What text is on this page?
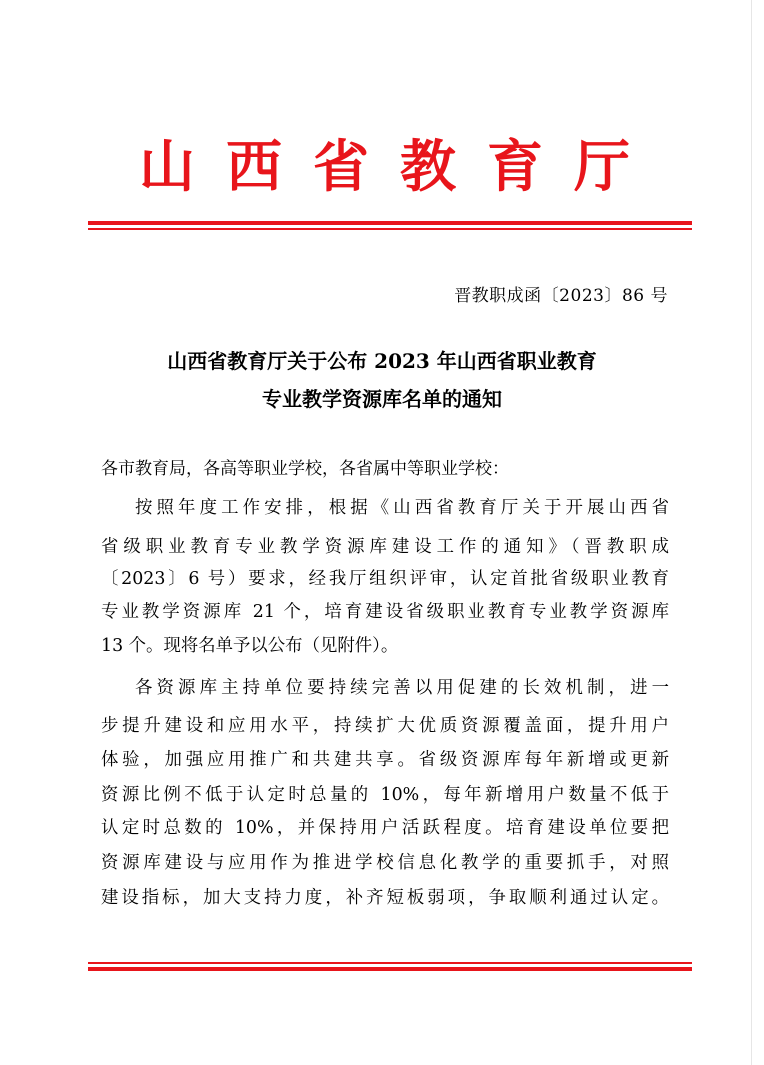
山 西 省 教 育 厅
晋教职成函〔2023〕86 号
山西省教育厅关于公布 2023 年山西省职业教育
专业教学资源库名单的通知
各市教育局，各高等职业学校，各省属中等职业学校：
按照年度工作安排，根据《山西省教育厅关于开展山西省
省级职业教育专业教学资源库建设工作的通知》（晋教职成
〔2023〕6 号）要求，经我厅组织评审，认定首批省级职业教育
专业教学资源库 21 个，培育建设省级职业教育专业教学资源库
13 个。现将名单予以公布（见附件）。
各资源库主持单位要持续完善以用促建的长效机制，进一
步提升建设和应用水平，持续扩大优质资源覆盖面，提升用户
体验，加强应用推广和共建共享。省级资源库每年新增或更新
资源比例不低于认定时总量的 10%，每年新增用户数量不低于
认定时总数的 10%，并保持用户活跃程度。培育建设单位要把
资源库建设与应用作为推进学校信息化教学的重要抓手，对照
建设指标，加大支持力度，补齐短板弱项，争取顺利通过认定。
